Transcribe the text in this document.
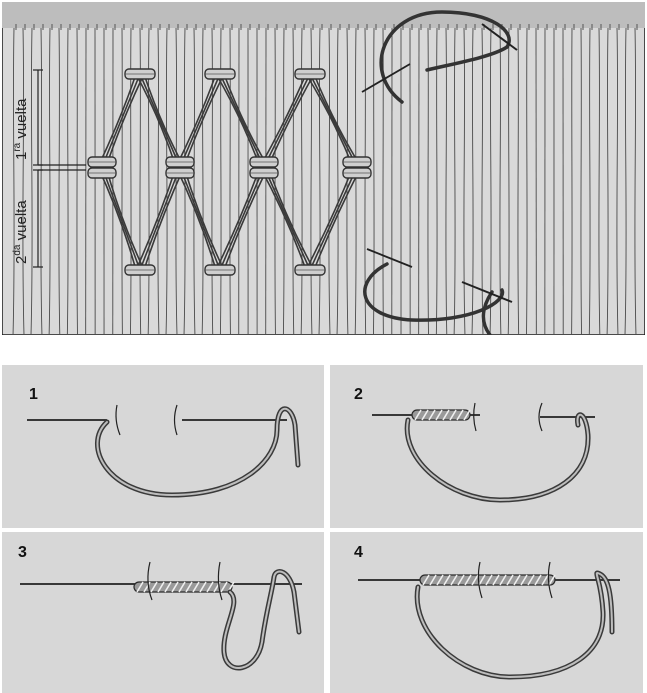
$1^{ra}$ vuelta
$2^{da}$ vuelta
1	2
3	4
